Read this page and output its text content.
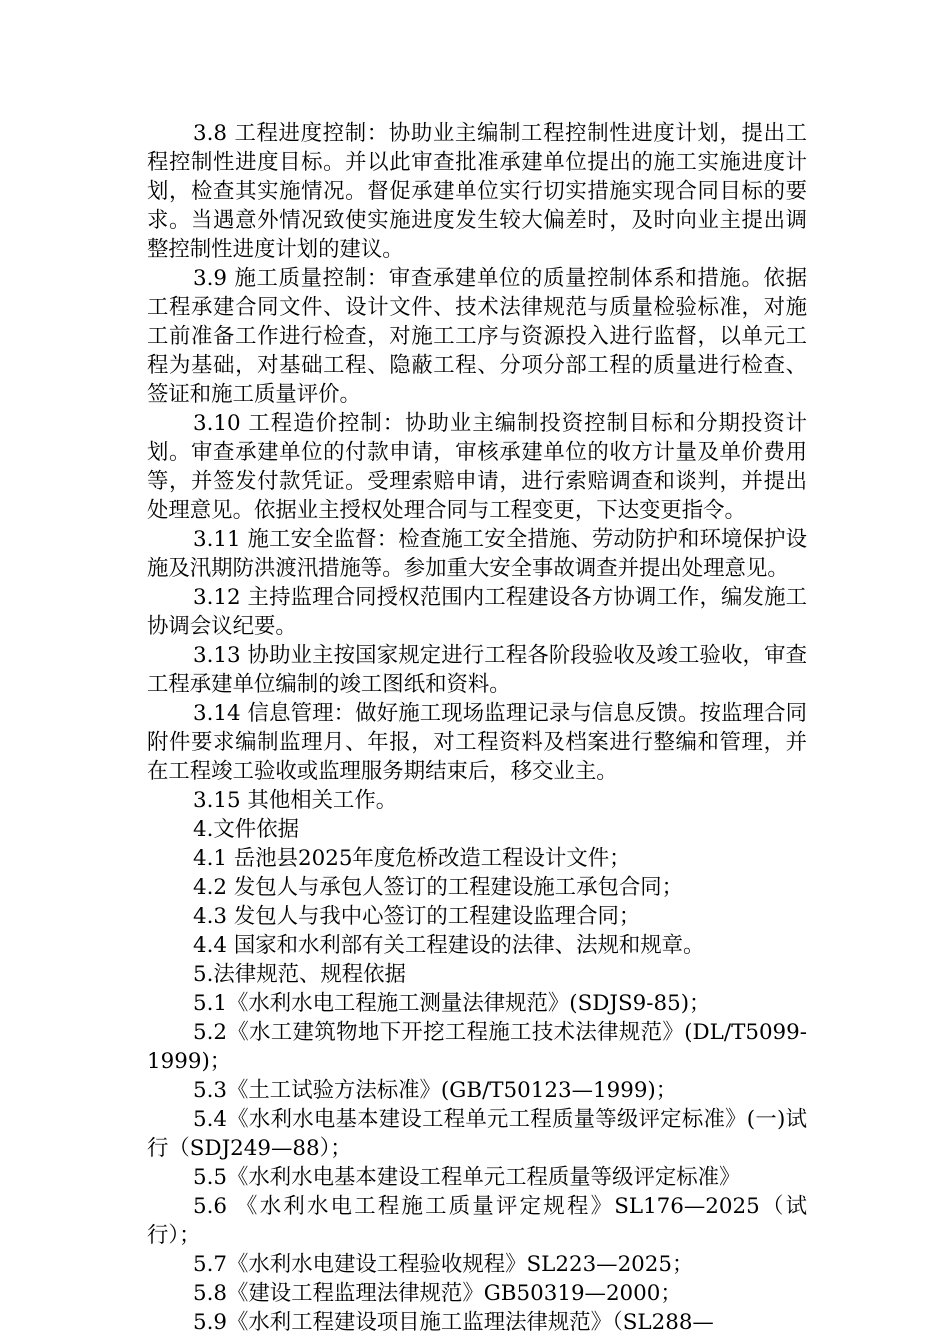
3.8 工程进度控制：协助业主编制工程控制性进度计划，提出工程控制性进度目标。并以此审查批准承建单位提出的施工实施进度计划，检查其实施情况。督促承建单位实行切实措施实现合同目标的要求。当遇意外情况致使实施进度发生较大偏差时，及时向业主提出调整控制性进度计划的建议。

3.9 施工质量控制：审查承建单位的质量控制体系和措施。依据工程承建合同文件、设计文件、技术法律规范与质量检验标准，对施工前准备工作进行检查，对施工工序与资源投入进行监督，以单元工程为基础，对基础工程、隐蔽工程、分项分部工程的质量进行检查、签证和施工质量评价。

3.10 工程造价控制：协助业主编制投资控制目标和分期投资计划。审查承建单位的付款申请，审核承建单位的收方计量及单价费用等，并签发付款凭证。受理索赔申请，进行索赔调查和谈判，并提出处理意见。依据业主授权处理合同与工程变更，下达变更指令。

3.11 施工安全监督：检查施工安全措施、劳动防护和环境保护设施及汛期防洪渡汛措施等。参加重大安全事故调查并提出处理意见。

3.12 主持监理合同授权范围内工程建设各方协调工作，编发施工协调会议纪要。

3.13 协助业主按国家规定进行工程各阶段验收及竣工验收，审查工程承建单位编制的竣工图纸和资料。

3.14 信息管理：做好施工现场监理记录与信息反馈。按监理合同附件要求编制监理月、年报，对工程资料及档案进行整编和管理，并在工程竣工验收或监理服务期结束后，移交业主。

3.15 其他相关工作。

4.文件依据

4.1 岳池县2025年度危桥改造工程设计文件；

4.2 发包人与承包人签订的工程建设施工承包合同；

4.3 发包人与我中心签订的工程建设监理合同；

4.4 国家和水利部有关工程建设的法律、法规和规章。

5.法律规范、规程依据

5.1《水利水电工程施工测量法律规范》(SDJS9-85)；

5.2《水工建筑物地下开挖工程施工技术法律规范》(DL/T5099-1999)；

5.3《土工试验方法标准》(GB/T50123—1999)；

5.4《水利水电基本建设工程单元工程质量等级评定标准》(一)试行（SDJ249—88）；

5.5《水利水电基本建设工程单元工程质量等级评定标准》

5.6 《水利水电工程施工质量评定规程》SL176—2025（试行）；

5.7《水利水电建设工程验收规程》SL223—2025；

5.8《建设工程监理法律规范》GB50319—2000；

5.9《水利工程建设项目施工监理法律规范》（SL288—
